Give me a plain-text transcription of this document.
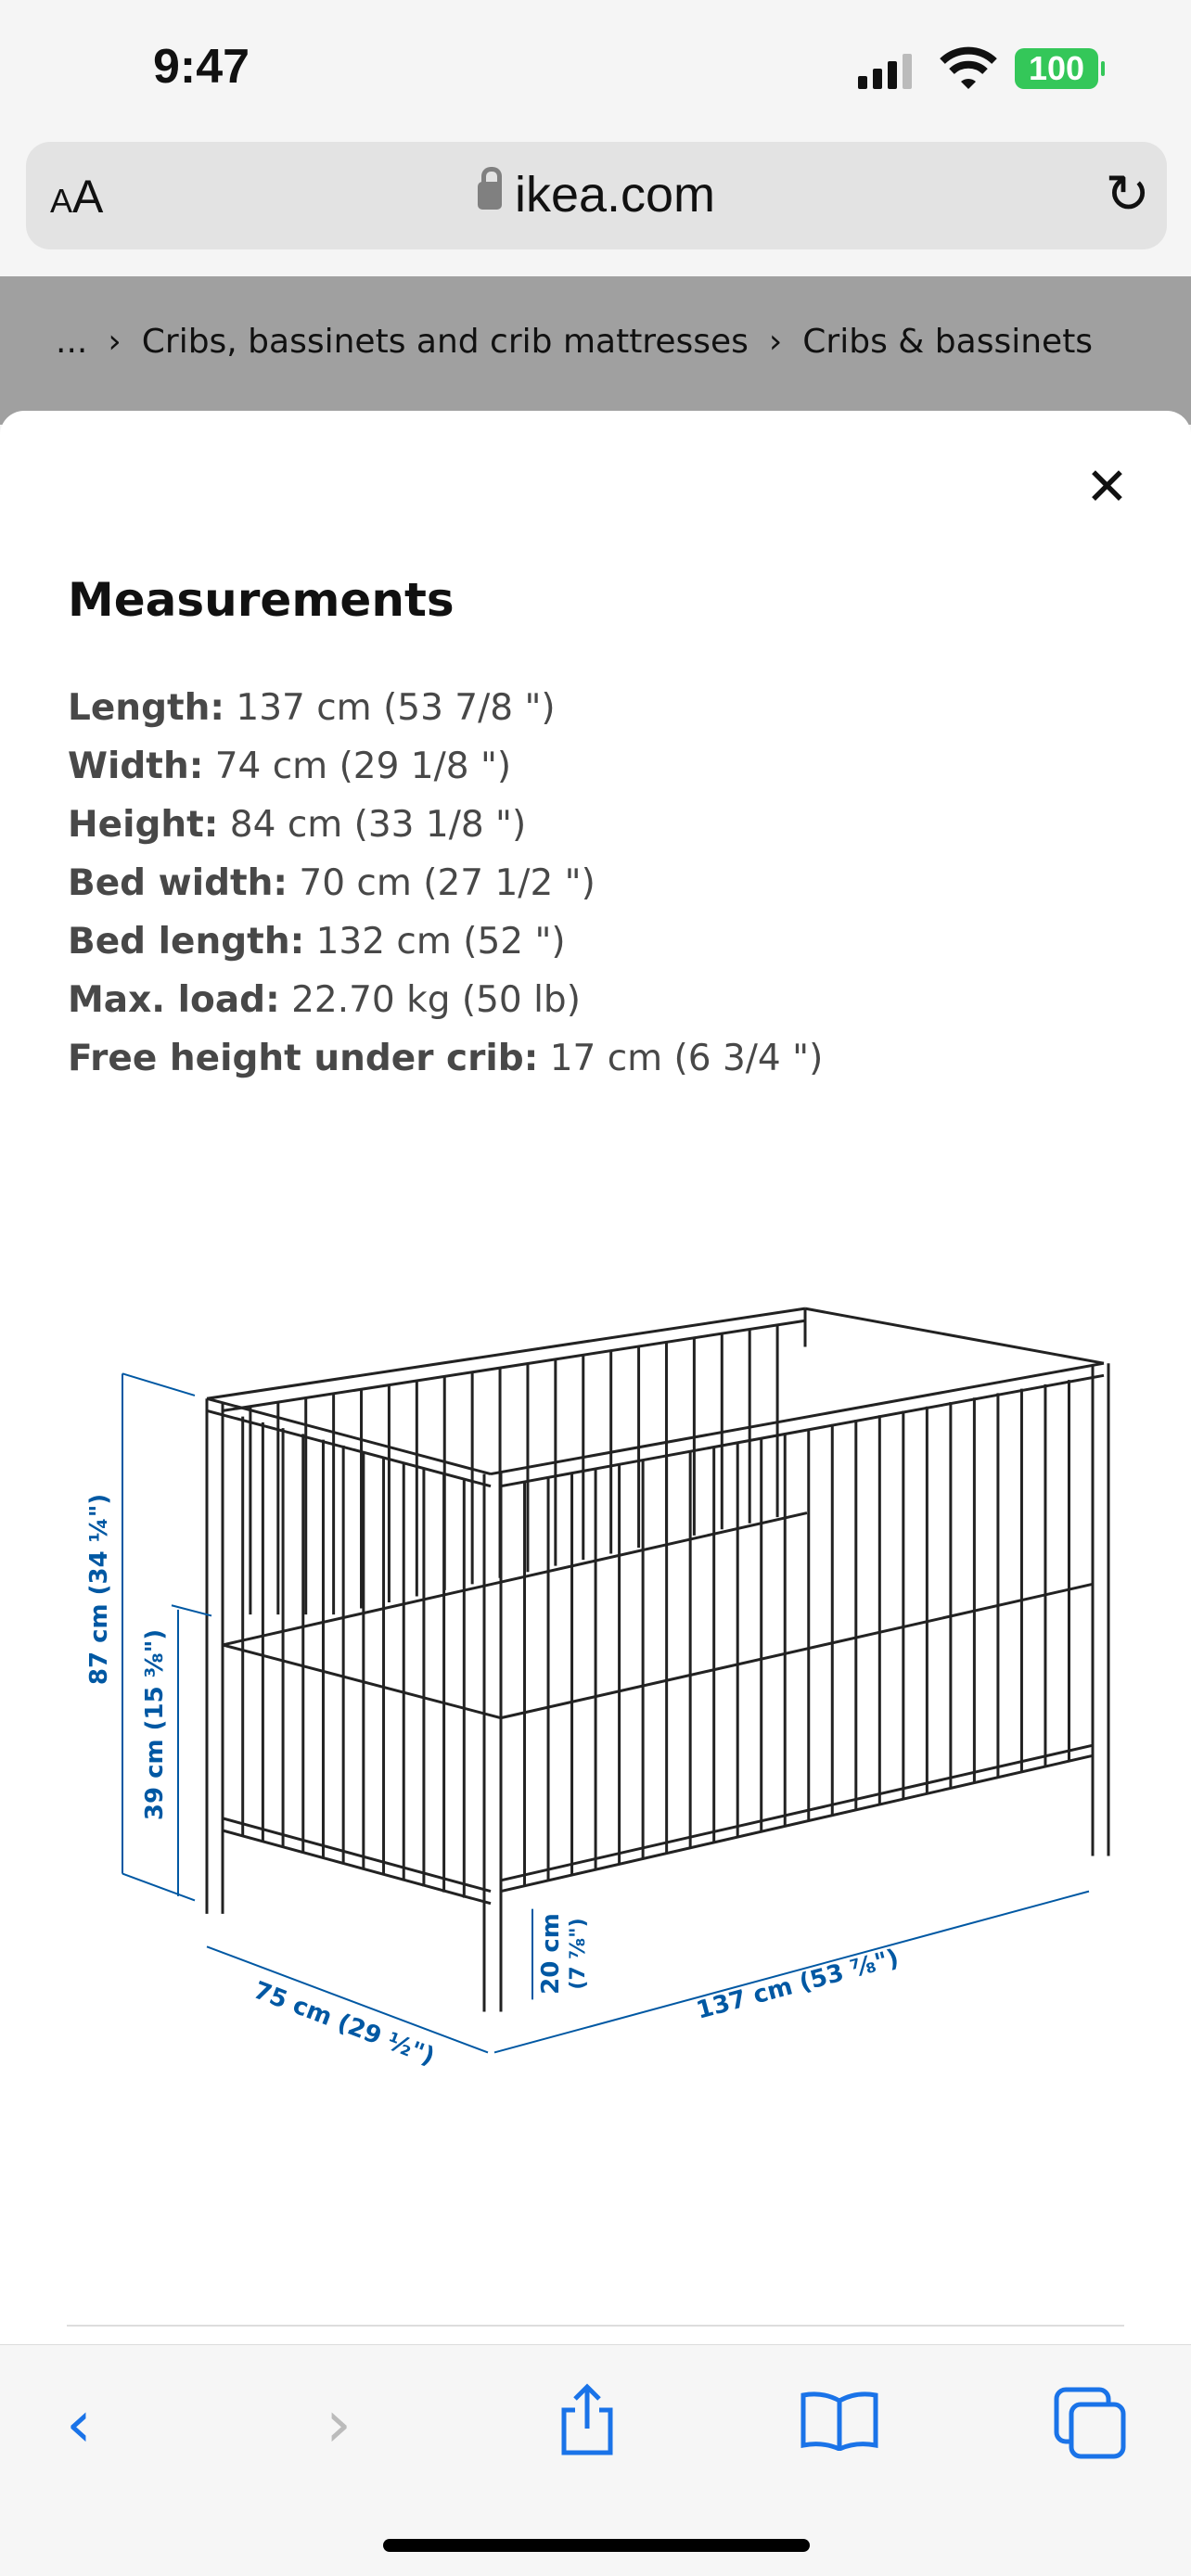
9:47	100
AA	ikea.com	↻
... › Cribs, bassinets and crib mattresses › Cribs & bassinets
✕
Measurements
Length: 137 cm (53 7/8 ")
Width: 74 cm (29 1/8 ")
Height: 84 cm (33 1/8 ")
Bed width: 70 cm (27 1/2 ")
Bed length: 132 cm (52 ")
Max. load: 22.70 kg (50 lb)
Free height under crib: 17 cm (6 3/4 ")
87 cm (34 ¼")
39 cm (15 ⅜")
75 cm (29 ½")	137 cm (53 ⅞")
20 cm (7 ⅞")
‹	›
